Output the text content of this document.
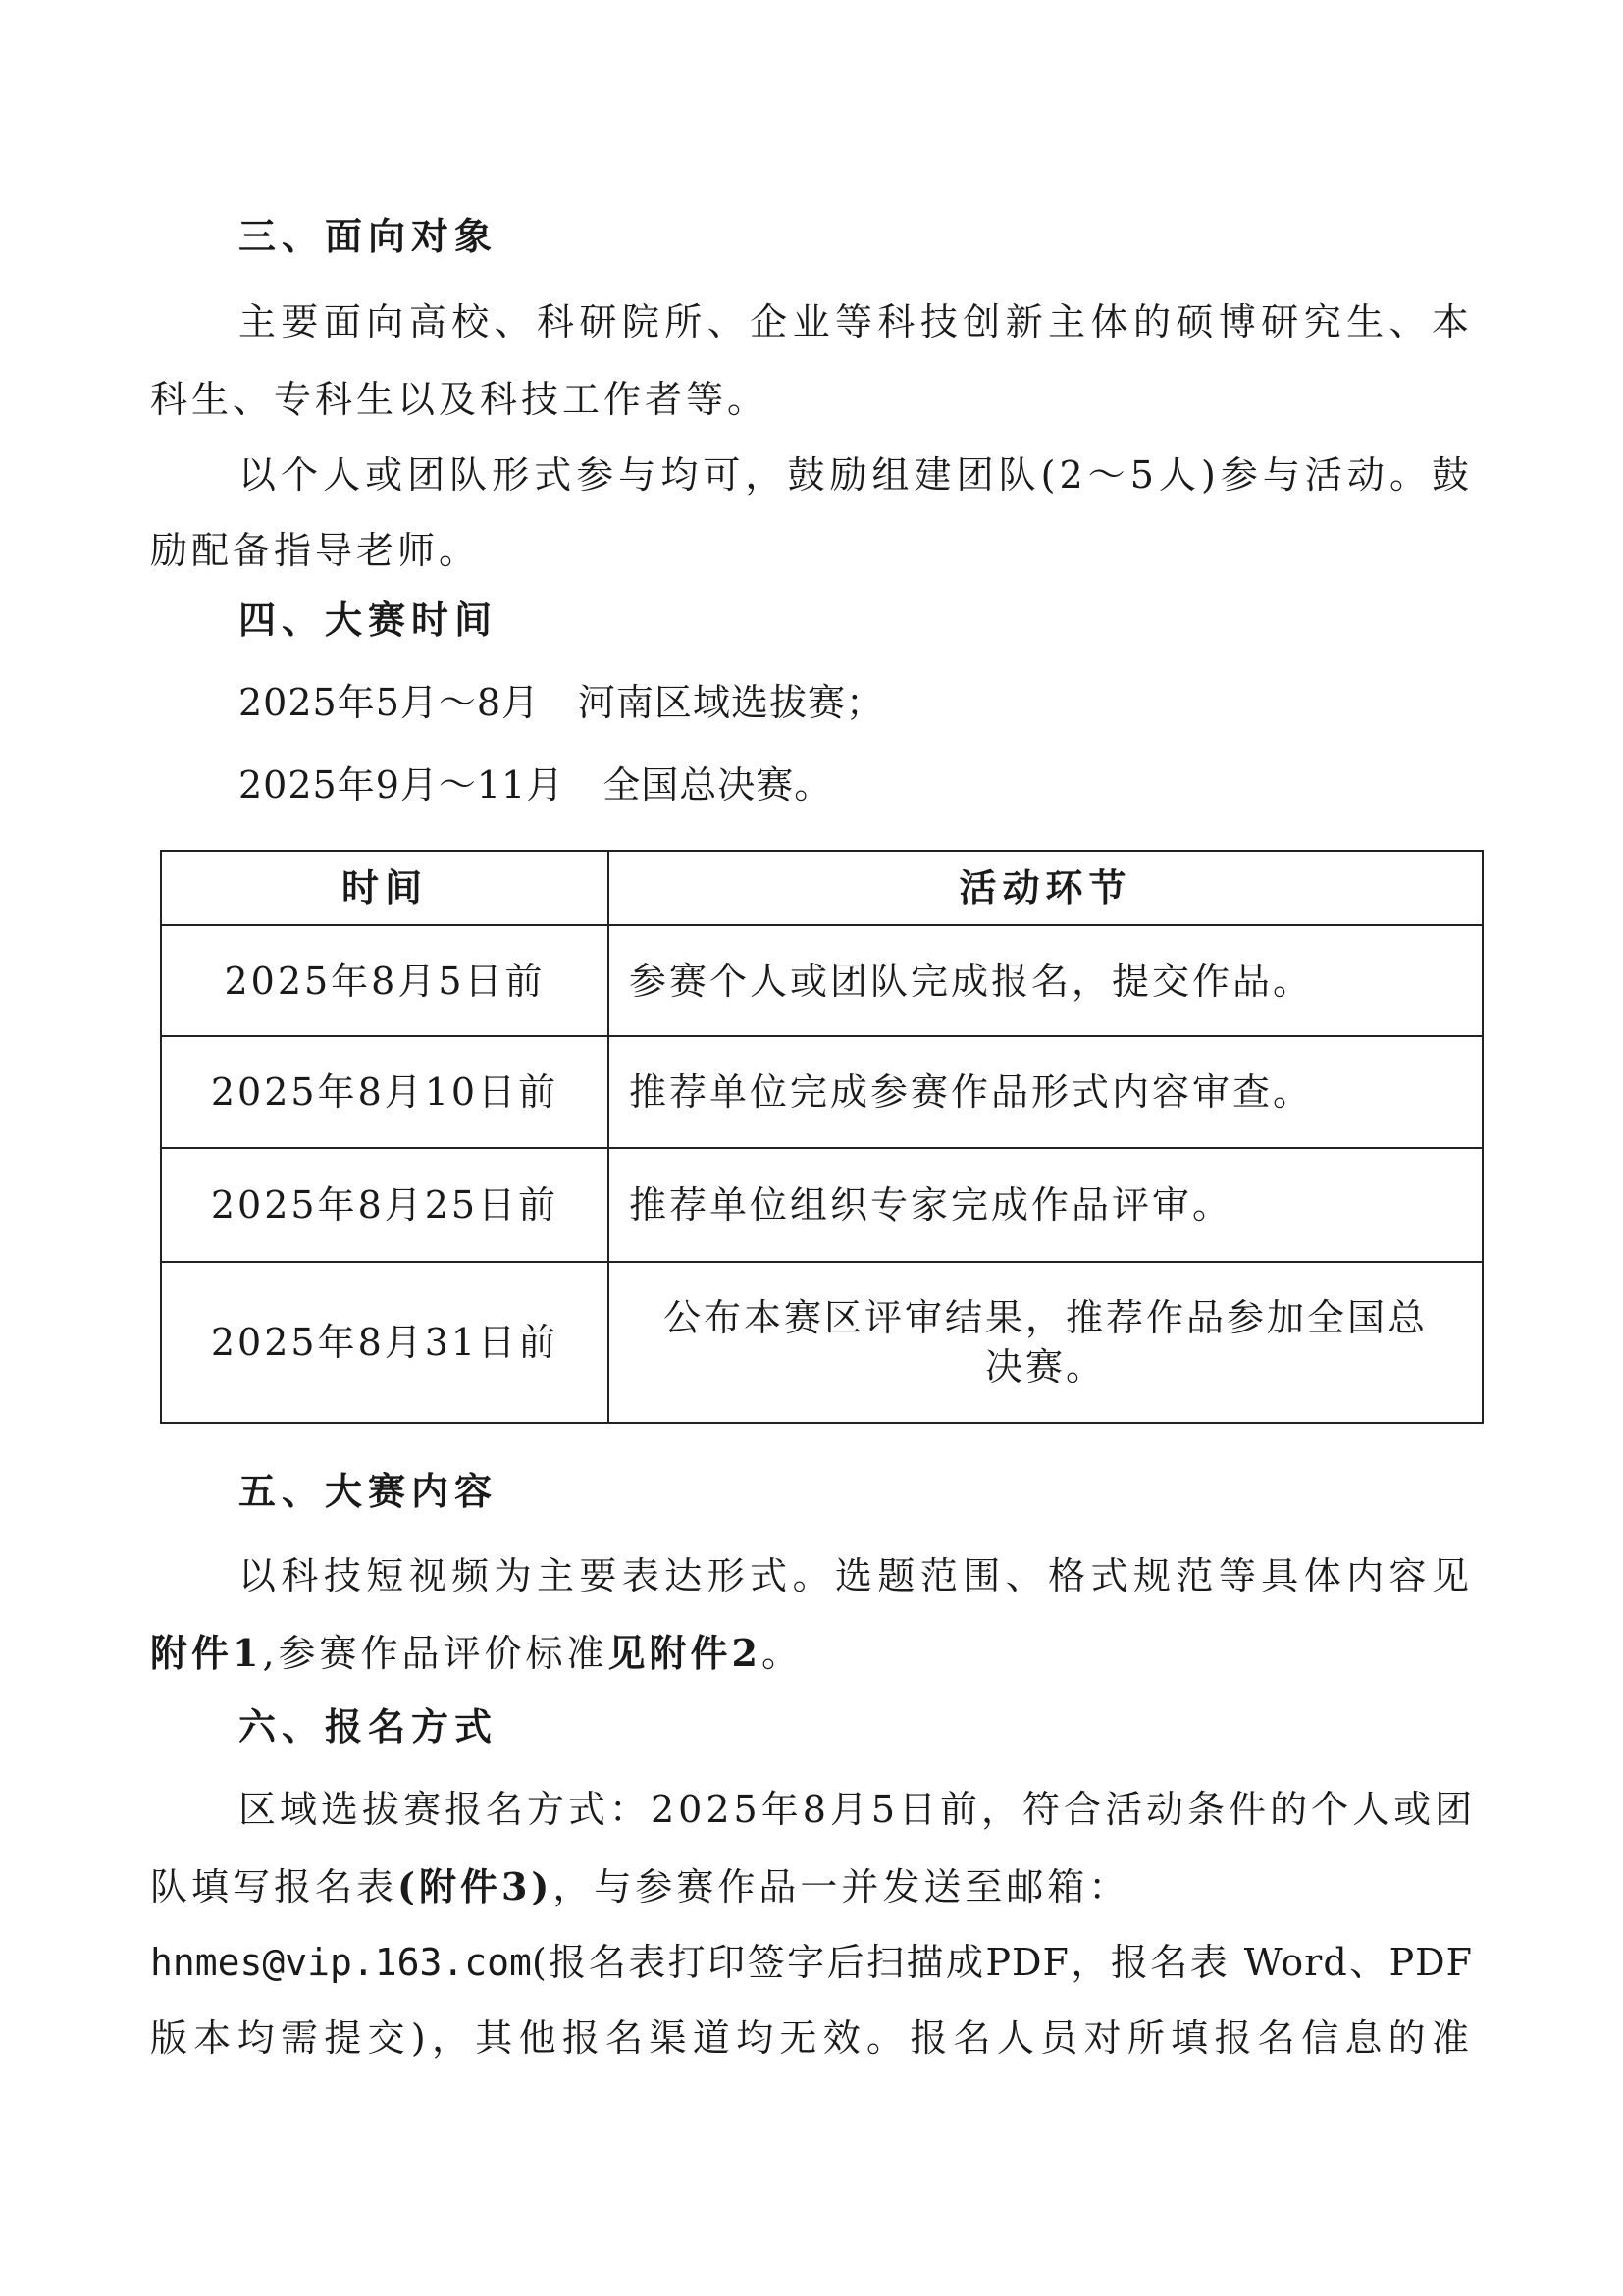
三、面向对象
主要面向高校、科研院所、企业等科技创新主体的硕博研究生、本
科生、专科生以及科技工作者等。
以个人或团队形式参与均可，鼓励组建团队(2～5人)参与活动。鼓
励配备指导老师。
四、大赛时间
2025年5月～8月　河南区域选拔赛；
2025年9月～11月　全国总决赛。
时间	活动环节
2025年8月5日前	参赛个人或团队完成报名，提交作品。
2025年8月10日前	推荐单位完成参赛作品形式内容审查。
2025年8月25日前	推荐单位组织专家完成作品评审。
2025年8月31日前	公布本赛区评审结果，推荐作品参加全国总
决赛。
五、大赛内容
以科技短视频为主要表达形式。选题范围、格式规范等具体内容见
附件1,参赛作品评价标准见附件2。
六、报名方式
区域选拔赛报名方式：2025年8月5日前，符合活动条件的个人或团
队填写报名表(附件3)，与参赛作品一并发送至邮箱：
hnmes@vip.163.com(报名表打印签字后扫描成PDF，报名表 Word、PDF
版本均需提交)，其他报名渠道均无效。报名人员对所填报名信息的准
